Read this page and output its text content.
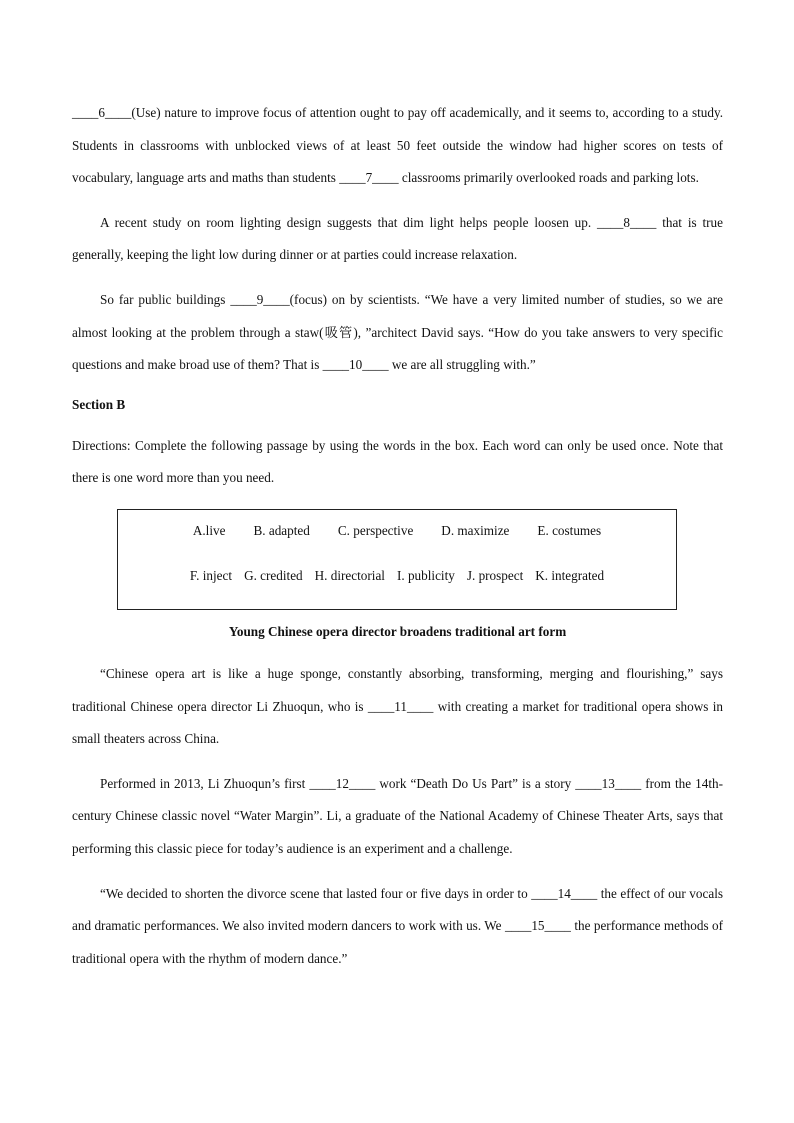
____6____(Use) nature to improve focus of attention ought to pay off academically, and it seems to, according to a study. Students in classrooms with unblocked views of at least 50 feet outside the window had higher scores on tests of vocabulary, language arts and maths than students ____7____ classrooms primarily overlooked roads and parking lots.

A recent study on room lighting design suggests that dim light helps people loosen up. ____8____ that is true generally, keeping the light low during dinner or at parties could increase relaxation.

So far public buildings ____9____(focus) on by scientists. “We have a very limited number of studies, so we are almost looking at the problem through a staw(吸管), ”architect David says. “How do you take answers to very specific questions and make broad use of them? That is ____10____ we are all struggling with.”

Section B

Directions: Complete the following passage by using the words in the box. Each word can only be used once. Note that there is one word more than you need.

A.live B. adapted C. perspective D. maximize E. costumes
F. inject G. credited H. directorial I. publicity J. prospect K. integrated
Young Chinese opera director broadens traditional art form

“Chinese opera art is like a huge sponge, constantly absorbing, transforming, merging and flourishing,” says traditional Chinese opera director Li Zhuoqun, who is ____11____ with creating a market for traditional opera shows in small theaters across China.

Performed in 2013, Li Zhuoqun’s first ____12____ work “Death Do Us Part” is a story ____13____ from the 14th-century Chinese classic novel “Water Margin”. Li, a graduate of the National Academy of Chinese Theater Arts, says that performing this classic piece for today’s audience is an experiment and a challenge.

“We decided to shorten the divorce scene that lasted four or five days in order to ____14____ the effect of our vocals and dramatic performances. We also invited modern dancers to work with us. We ____15____ the performance methods of traditional opera with the rhythm of modern dance.”
